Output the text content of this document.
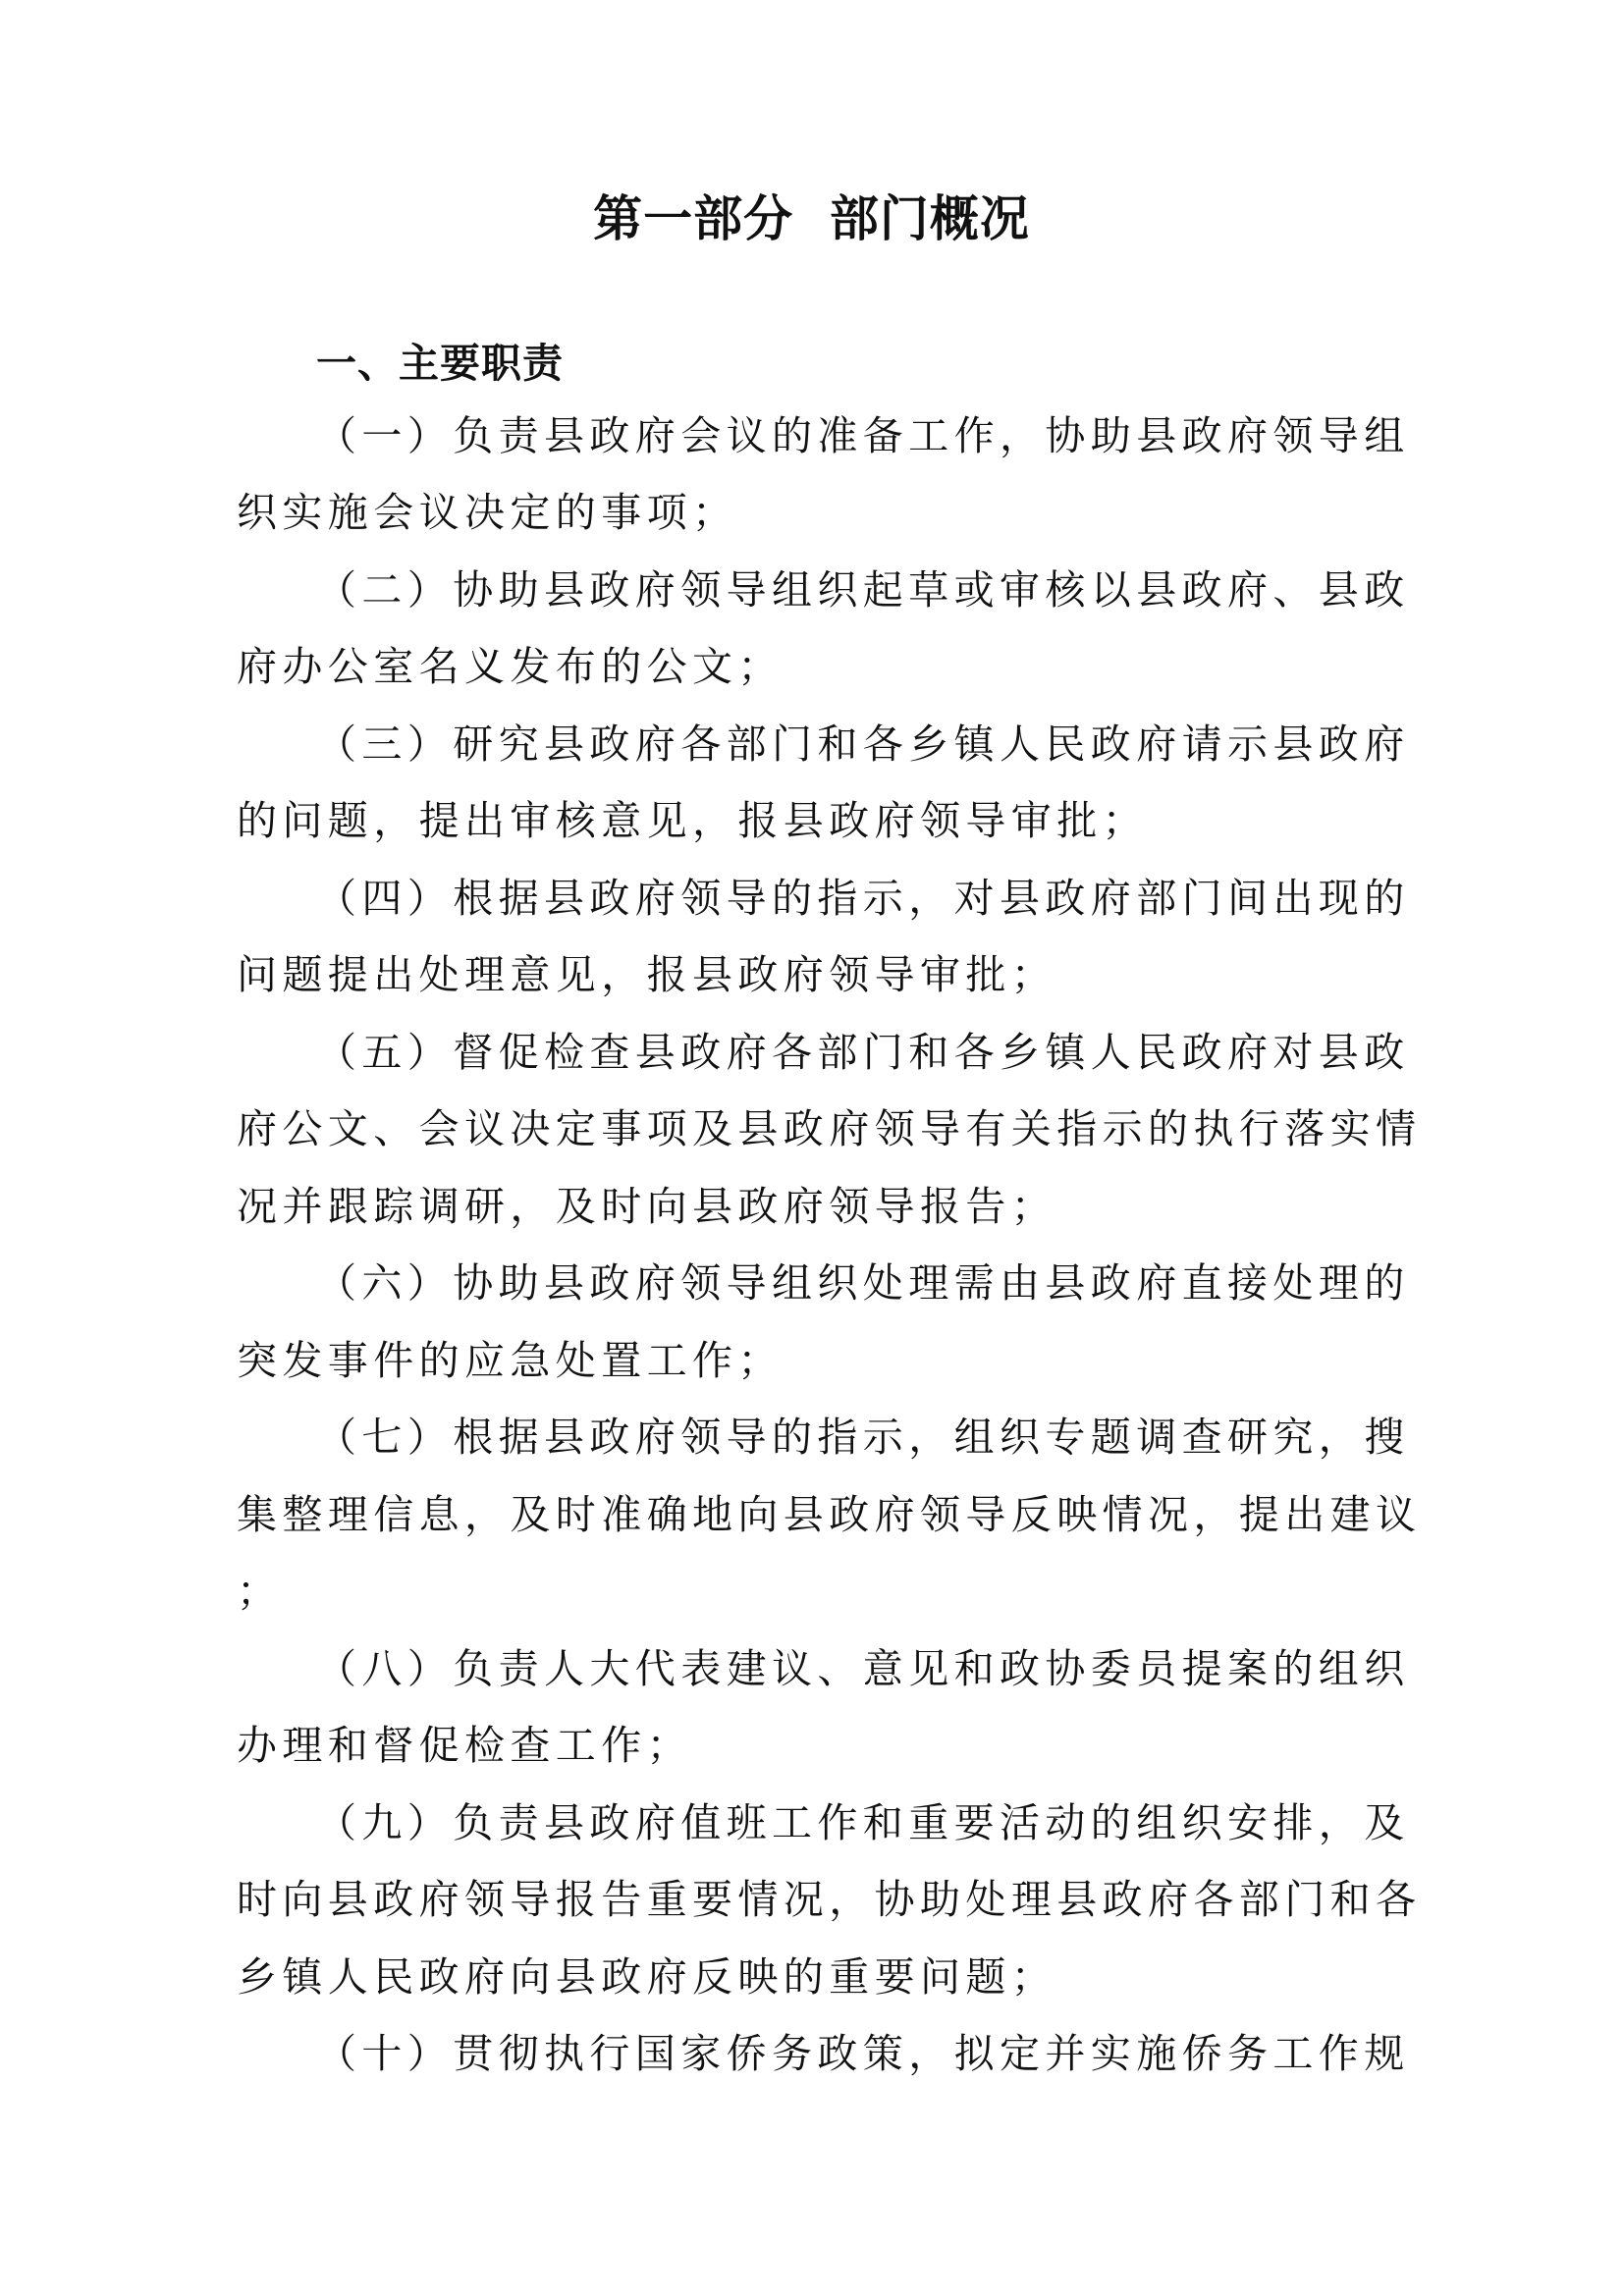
第一部分  部门概况
一、主要职责
（一）负责县政府会议的准备工作，协助县政府领导组
织实施会议决定的事项；
（二）协助县政府领导组织起草或审核以县政府、县政
府办公室名义发布的公文；
（三）研究县政府各部门和各乡镇人民政府请示县政府
的问题，提出审核意见，报县政府领导审批；
（四）根据县政府领导的指示，对县政府部门间出现的
问题提出处理意见，报县政府领导审批；
（五）督促检查县政府各部门和各乡镇人民政府对县政
府公文、会议决定事项及县政府领导有关指示的执行落实情
况并跟踪调研，及时向县政府领导报告；
（六）协助县政府领导组织处理需由县政府直接处理的
突发事件的应急处置工作；
（七）根据县政府领导的指示，组织专题调查研究，搜
集整理信息，及时准确地向县政府领导反映情况，提出建议
；
（八）负责人大代表建议、意见和政协委员提案的组织
办理和督促检查工作；
（九）负责县政府值班工作和重要活动的组织安排，及
时向县政府领导报告重要情况，协助处理县政府各部门和各
乡镇人民政府向县政府反映的重要问题；
（十）贯彻执行国家侨务政策，拟定并实施侨务工作规
